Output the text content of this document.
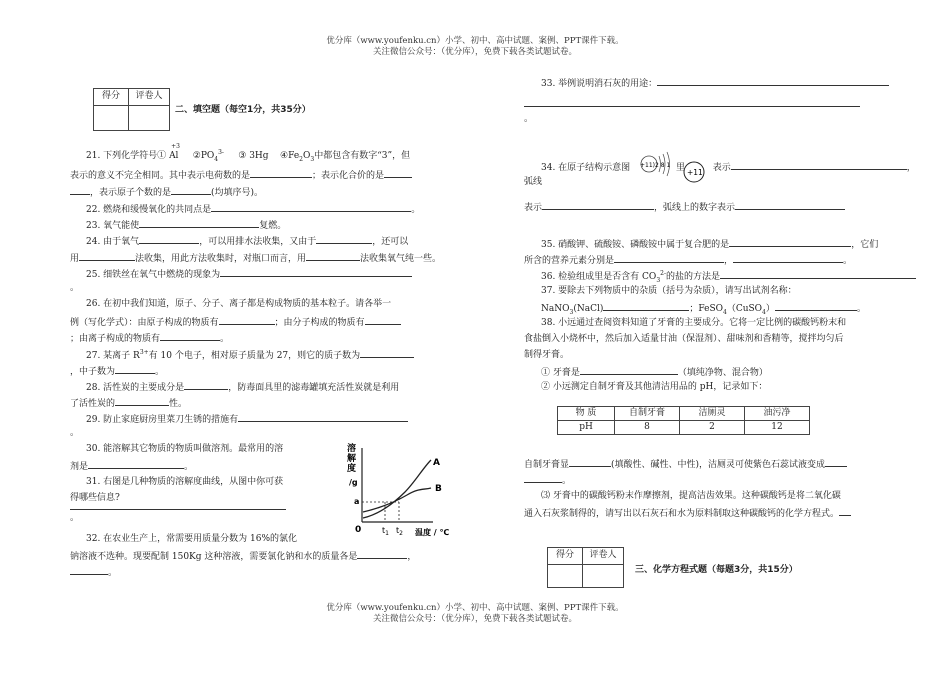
优分库（www.youfenku.cn）小学、初中、高中试题、案例、PPT课件下载。
关注微信公众号：（优分库），免费下载各类试题试卷。
得分	评卷人

二、填空题（每空1分，共35分）
21. 下列化学符号①
+3
Al $②PO_4^{3-}$ ③ 3Hg $④Fe_2O_3$中都包含有数字“3”，但
表示的意义不完全相同。其中表示电荷数的是	；表示化合价的是
，表示原子个数的是	(均填序号)。
22. 燃烧和缓慢氧化的共同点是	。
23. 氧气能使	复燃。
24. 由于氧气	，可以用排水法收集，又由于	，还可以
用	法收集，用此方法收集时，对瓶口而言，用	法收集氧气纯一些。
25. 细铁丝在氧气中燃烧的现象为
。
26. 在初中我们知道，原子、分子、离子都是构成物质的基本粒子。请各举一
例（写化学式）：由原子构成的物质有	；由分子构成的物质有
；由离子构成的物质有	。
27. 某离子 $R^{3+}$有 10 个电子，相对原子质量为 27，则它的质子数为
，中子数为	。
28. 活性炭的主要成分是	，防毒面具里的滤毒罐填充活性炭就是利用
了活性炭的	性。
29. 防止家庭厨房里菜刀生锈的措施有
。
30. 能溶解其它物质的物质叫做溶剂。最常用的溶
剂是	。
31. 右图是几种物质的溶解度曲线，从图中你可获
得哪些信息?
。
32. 在农业生产上，常需要用质量分数为 16%的氯化
钠溶液不选种。现要配制 150Kg 这种溶液，需要氯化钠和水的质量各是	，
。
溶
解
度
/g
a
A
B
0	$t_1$ $t_2$ 温度 / ℃
33. 举例说明消石灰的用途：
。
34. 在原子结构示意图	里	表示	，
弧线
+11)2 8 1
+11
表示	，弧线上的数字表示
35. 硝酸钾、硫酸铵、磷酸铵中属于复合肥的是	，它们
所含的营养元素分别是	，	。
36. 检验组成里是否含有 $CO_3^{2-}$的盐的方法是
37. 要除去下列物质中的杂质（括号为杂质），请写出试剂名称：
NaNO$_3$(NaCl)	；FeSO$_4$（CuSO$_4$）	。
38. 小远通过查阅资料知道了牙膏的主要成分。它将一定比例的碳酸钙粉末和
食盐倒入小烧杯中，然后加入适量甘油（保湿剂）、甜味剂和香精等，搅拌均匀后
制得牙膏。
① 牙膏是	（填纯净物、混合物）
② 小远测定自制牙膏及其他清洁用品的 pH，记录如下：
物 质	自制牙膏	洁厕灵	油污净
pH	8	2	12
自制牙膏显	(填酸性、碱性、中性)，洁厕灵可使紫色石蕊试液变成
。
⑶ 牙膏中的碳酸钙粉末作摩擦剂，提高洁齿效果。这种碳酸钙是将二氧化碳
通入石灰浆制得的，请写出以石灰石和水为原料制取这种碳酸钙的化学方程式。
得分	评卷人

三、化学方程式题（每题3分，共15分）
优分库（www.youfenku.cn）小学、初中、高中试题、案例、PPT课件下载。
关注微信公众号：（优分库），免费下载各类试题试卷。
